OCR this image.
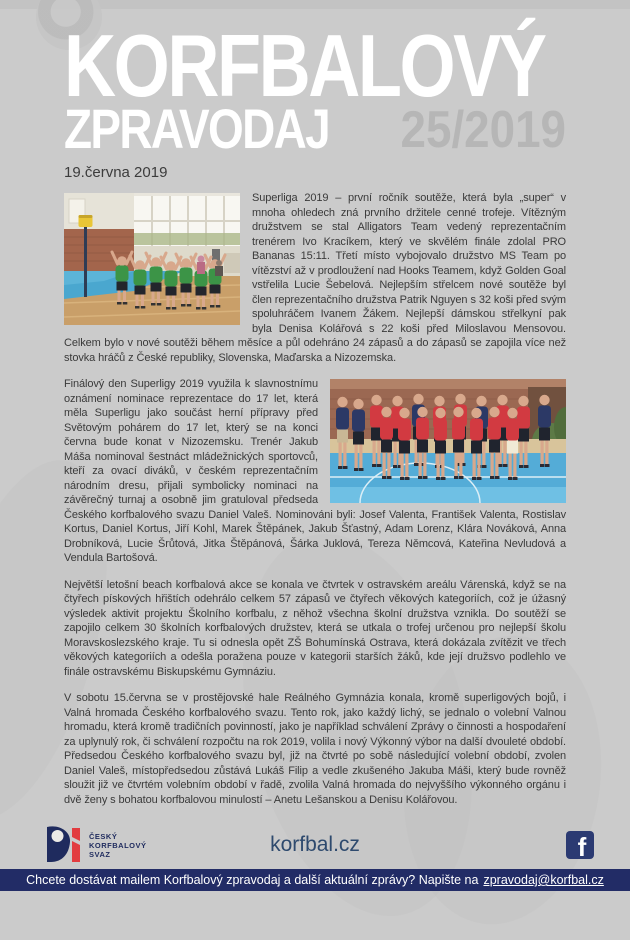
KORFBALOVÝ
ZPRAVODAJ 25/2019
19.června 2019
Superliga 2019 – první ročník soutěže, která byla „super“ v mnoha ohledech zná prvního držitele cenné trofeje. Vítězným družstvem se stal Alligators Team vedený reprezentačním trenérem Ivo Kracíkem, který ve skvělém finále zdolal PRO Bananas 15:11. Třetí místo vybojovalo družstvo MS Team po vítězství až v prodloužení nad Hooks Teamem, když Golden Goal vstřelila Lucie Šebelová. Nejlepším střelcem nové soutěže byl člen reprezentačního družstva Patrik Nguyen s 32 koši před svým spoluhráčem Ivanem Žákem. Nejlepší dámskou střelkyní pak byla Denisa Kolářová s 22 koši před Miloslavou Mensovou. Celkem bylo v nové soutěži během měsíce a půl odehráno 24 zápasů a do zápasů se zapojila více než stovka hráčů z České republiky, Slovenska, Maďarska a Nizozemska.
Finálový den Superligy 2019 využila k slavnostnímu oznámení nominace reprezentace do 17 let, která měla Superligu jako součást herní přípravy před Světovým pohárem do 17 let, který se na konci června bude konat v Nizozemsku. Trenér Jakub Máša nominoval šestnáct mládežnických sportovců, kteří za ovací diváků, v českém reprezentačním národním dresu, přijali symbolicky nominaci na závěrečný turnaj a osobně jim gratuloval předseda Českého korfbalového svazu Daniel Valeš. Nominováni byli: Josef Valenta, František Valenta, Rostislav Kortus, Daniel Kortus, Jiří Kohl, Marek Štěpánek, Jakub Šťastný, Adam Lorenz, Klára Nováková, Anna Drobníková, Lucie Šrůtová, Jitka Štěpánová, Šárka Juklová, Tereza Němcová, Kateřina Nevludová a Vendula Bartošová.
Největší letošní beach korfbalová akce se konala ve čtvrtek v ostravském areálu Várenská, když se na čtyřech pískových hřištích odehrálo celkem 57 zápasů ve čtyřech věkových kategoriích, což je úžasný výsledek aktivit projektu Školního korfbalu, z něhož všechna školní družstva vznikla. Do soutěží se zapojilo celkem 30 školních korfbalových družstev, která se utkala o trofej určenou pro nejlepší školu Moravskoslezského kraje. Tu si odnesla opět ZŠ Bohumínská Ostrava, která dokázala zvítězit ve třech věkových kategoriích a odešla poražena pouze v kategorii starších žáků, kde její družsvo podlehlo ve finále ostravskému Biskupskému Gymnáziu.
V sobotu 15.června se v prostějovské hale Reálného Gymnázia konala, kromě superligových bojů, i Valná hromada Českého korfbalového svazu. Tento rok, jako každý lichý, se jednalo o volební Valnou hromadu, která kromě tradičních povinností, jako je například schválení Zprávy o činnosti a hospodaření za uplynulý rok, či schválení rozpočtu na rok 2019, volila i nový Výkonný výbor na další dvouleté období. Předsedou Českého korfbalového svazu byl, již na čtvrté po sobě následující volební období, zvolen Daniel Valeš, místopředsedou zůstává Lukáš Filip a vedle zkušeného Jakuba Máši, který bude rovněž sloužit již ve čtvrtém volebním období v řadě, zvolila Valná hromada do nejvyššího výkonného orgánu i dvě ženy s bohatou korfbalovou minulostí – Anetu Lešanskou a Denisu Kolářovou.
ČESKÝ
KORFBALOVÝ
SVAZ	korfbal.cz	f
Chcete dostávat mailem Korfbalový zpravodaj a další aktuální zprávy? Napište na zpravodaj@korfbal.cz
